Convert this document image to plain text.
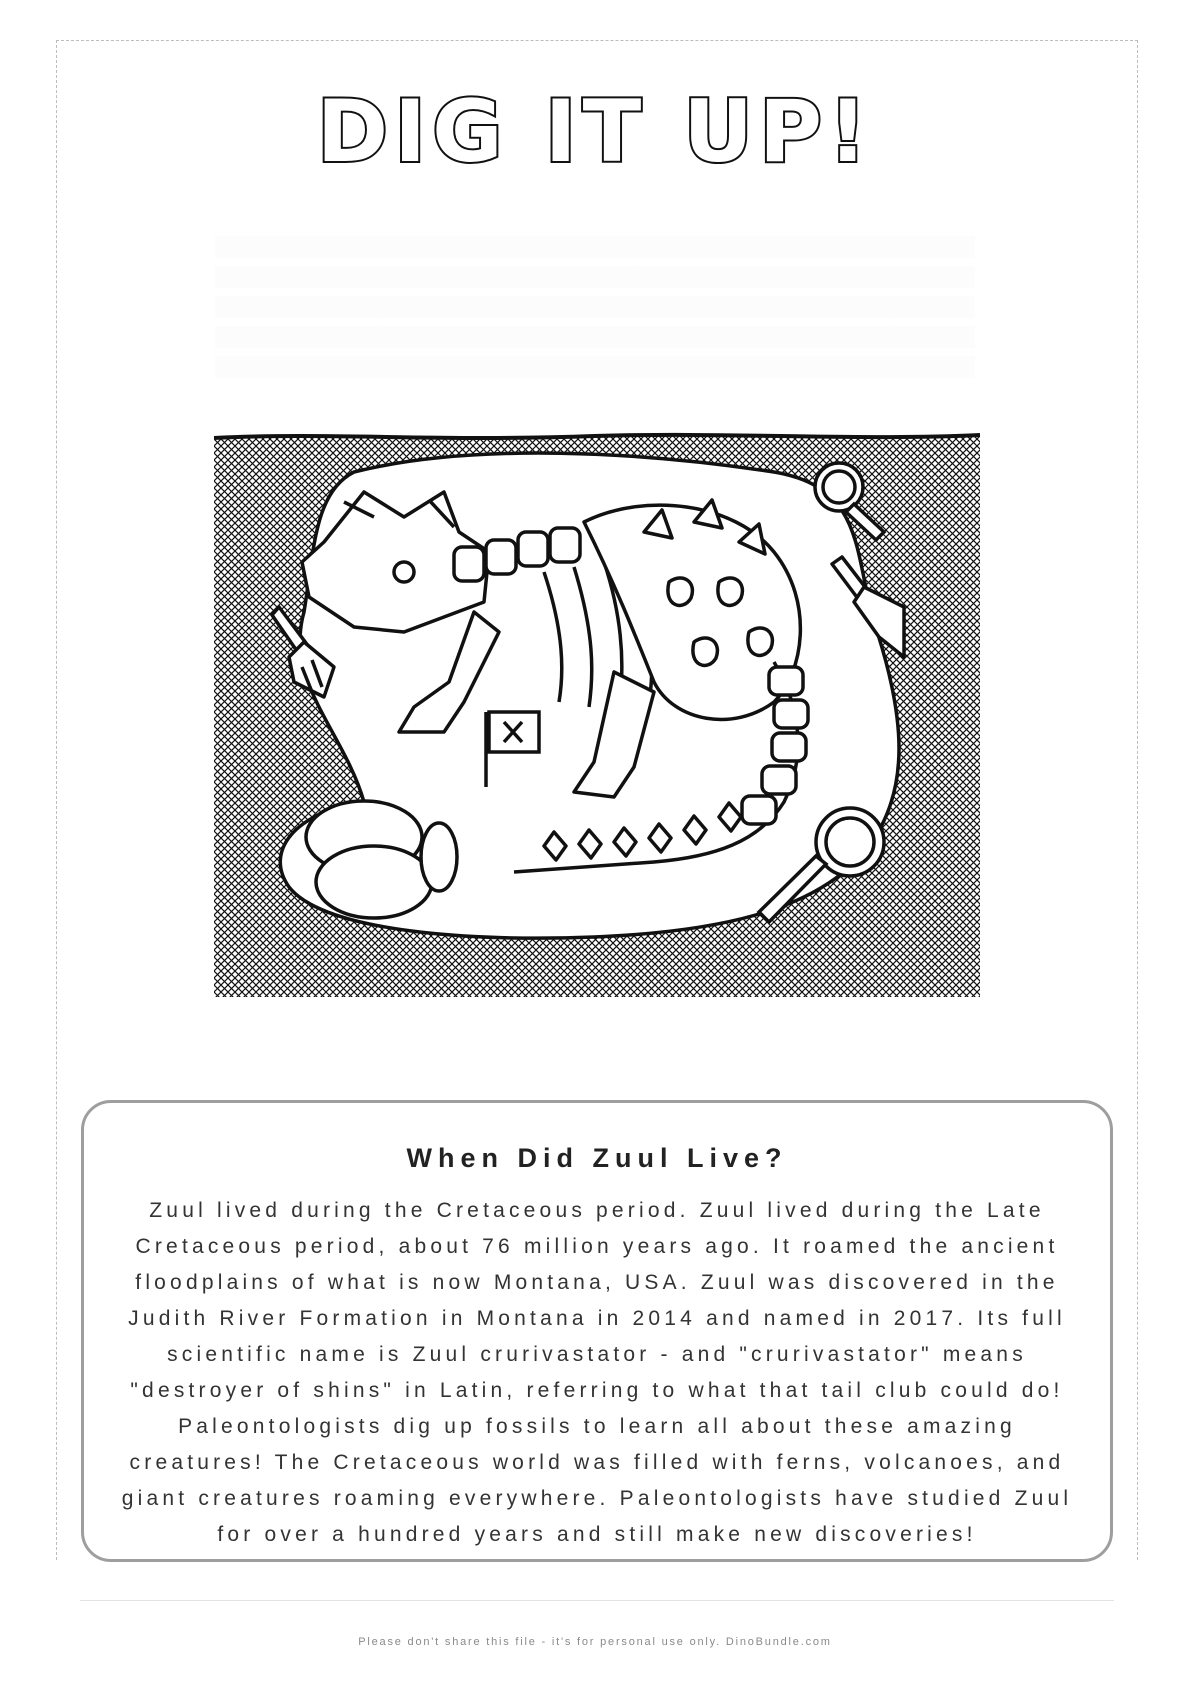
DIG IT UP!
When Did Zuul Live?

Zuul lived during the Cretaceous period. Zuul lived during the Late Cretaceous period, about 76 million years ago. It roamed the ancient floodplains of what is now Montana, USA. Zuul was discovered in the Judith River Formation in Montana in 2014 and named in 2017. Its full scientific name is Zuul crurivastator - and "crurivastator" means "destroyer of shins" in Latin, referring to what that tail club could do! Paleontologists dig up fossils to learn all about these amazing creatures! The Cretaceous world was filled with ferns, volcanoes, and giant creatures roaming everywhere. Paleontologists have studied Zuul for over a hundred years and still make new discoveries!

Please don't share this file - it's for personal use only. DinoBundle.com
